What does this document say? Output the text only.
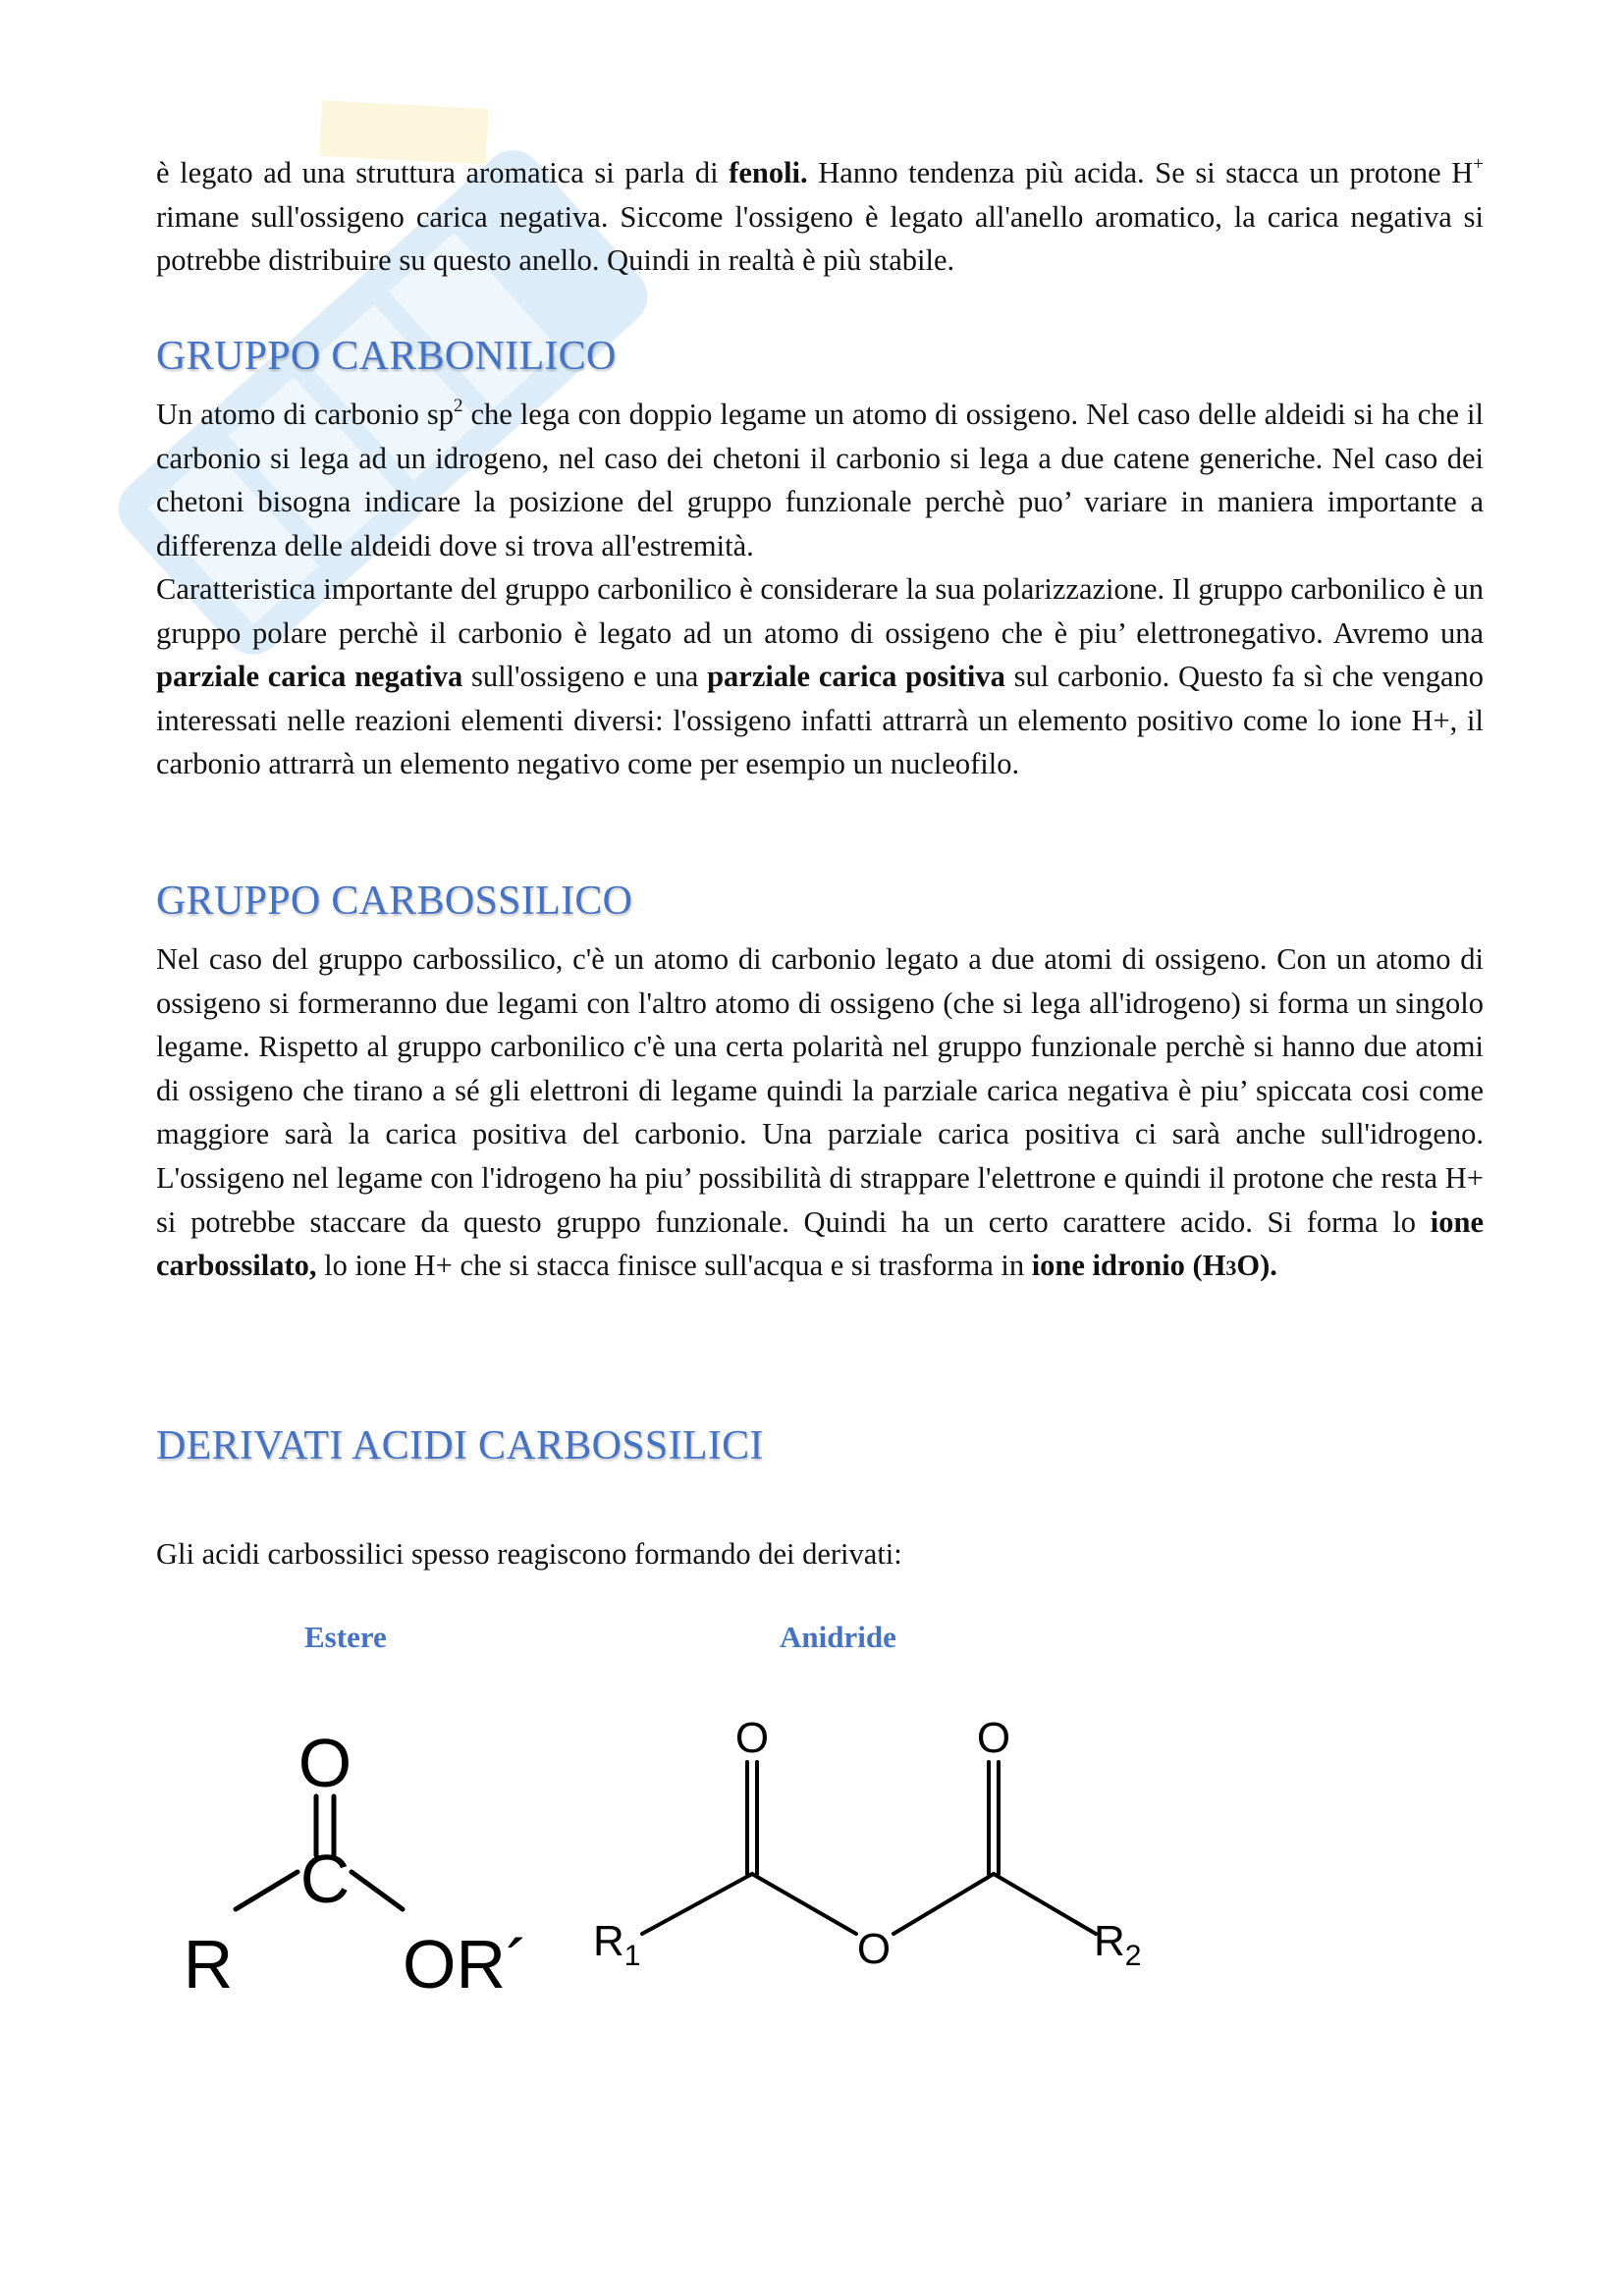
è legato ad una struttura aromatica si parla di fenoli. Hanno tendenza più acida. Se si stacca un protone H+ rimane sull'ossigeno carica negativa. Siccome l'ossigeno è legato all'anello aromatico, la carica negativa si potrebbe distribuire su questo anello. Quindi in realtà è più stabile.

GRUPPO CARBONILICO

Un atomo di carbonio $sp^2$ che lega con doppio legame un atomo di ossigeno. Nel caso delle aldeidi si ha che il carbonio si lega ad un idrogeno, nel caso dei chetoni il carbonio si lega a due catene generiche. Nel caso dei chetoni bisogna indicare la posizione del gruppo funzionale perchè puo’ variare in maniera importante a differenza delle aldeidi dove si trova all'estremità.

Caratteristica importante del gruppo carbonilico è considerare la sua polarizzazione. Il gruppo carbonilico è un gruppo polare perchè il carbonio è legato ad un atomo di ossigeno che è piu’ elettronegativo. Avremo una parziale carica negativa sull'ossigeno e una parziale carica positiva sul carbonio. Questo fa sì che vengano interessati nelle reazioni elementi diversi: l'ossigeno infatti attrarrà un elemento positivo come lo ione H+, il carbonio attrarrà un elemento negativo come per esempio un nucleofilo.

GRUPPO CARBOSSILICO

Nel caso del gruppo carbossilico, c'è un atomo di carbonio legato a due atomi di ossigeno. Con un atomo di ossigeno si formeranno due legami con l'altro atomo di ossigeno (che si lega all'idrogeno) si forma un singolo legame. Rispetto al gruppo carbonilico c'è una certa polarità nel gruppo funzionale perchè si hanno due atomi di ossigeno che tirano a sé gli elettroni di legame quindi la parziale carica negativa è piu’ spiccata cosi come maggiore sarà la carica positiva del carbonio. Una parziale carica positiva ci sarà anche sull'idrogeno. L'ossigeno nel legame con l'idrogeno ha piu’ possibilità di strappare l'elettrone e quindi il protone che resta H+ si potrebbe staccare da questo gruppo funzionale. Quindi ha un certo carattere acido. Si forma lo ione carbossilato, lo ione H+ che si stacca finisce sull'acqua e si trasforma in ione idronio (H3O).

DERIVATI ACIDI CARBOSSILICI

Gli acidi carbossilici spesso reagiscono formando dei derivati:

Estere	Anidride
O
C
R OR´
O	O
O
$R_1$	$R_2$
